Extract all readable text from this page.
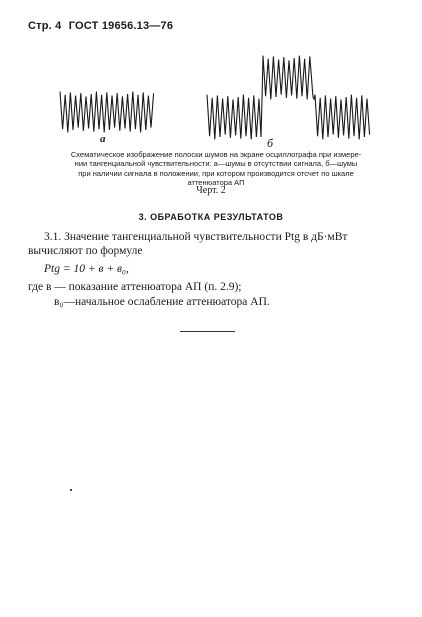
Стр. 4 ГОСТ 19656.13—76
а	б
Схематическое изображение полоски шумов на экране осциллографа при измере-
нии тангенциальной чувствительности: а—шумы в отсутствии сигнала, б—шумы
при наличии сигнала в положении, при котором производится отсчет по шкале
аттенюатора АП
Черт. 2
3. ОБРАБОТКА РЕЗУЛЬТАТОВ
3.1. Значение тангенциальной чувствительности Ptg в дБ·мВт
вычисляют по формуле
Ptg = 10 + в + в₀,
где в — показание аттенюатора АП (п. 2.9);
в₀—начальное ослабление аттенюатора АП.
